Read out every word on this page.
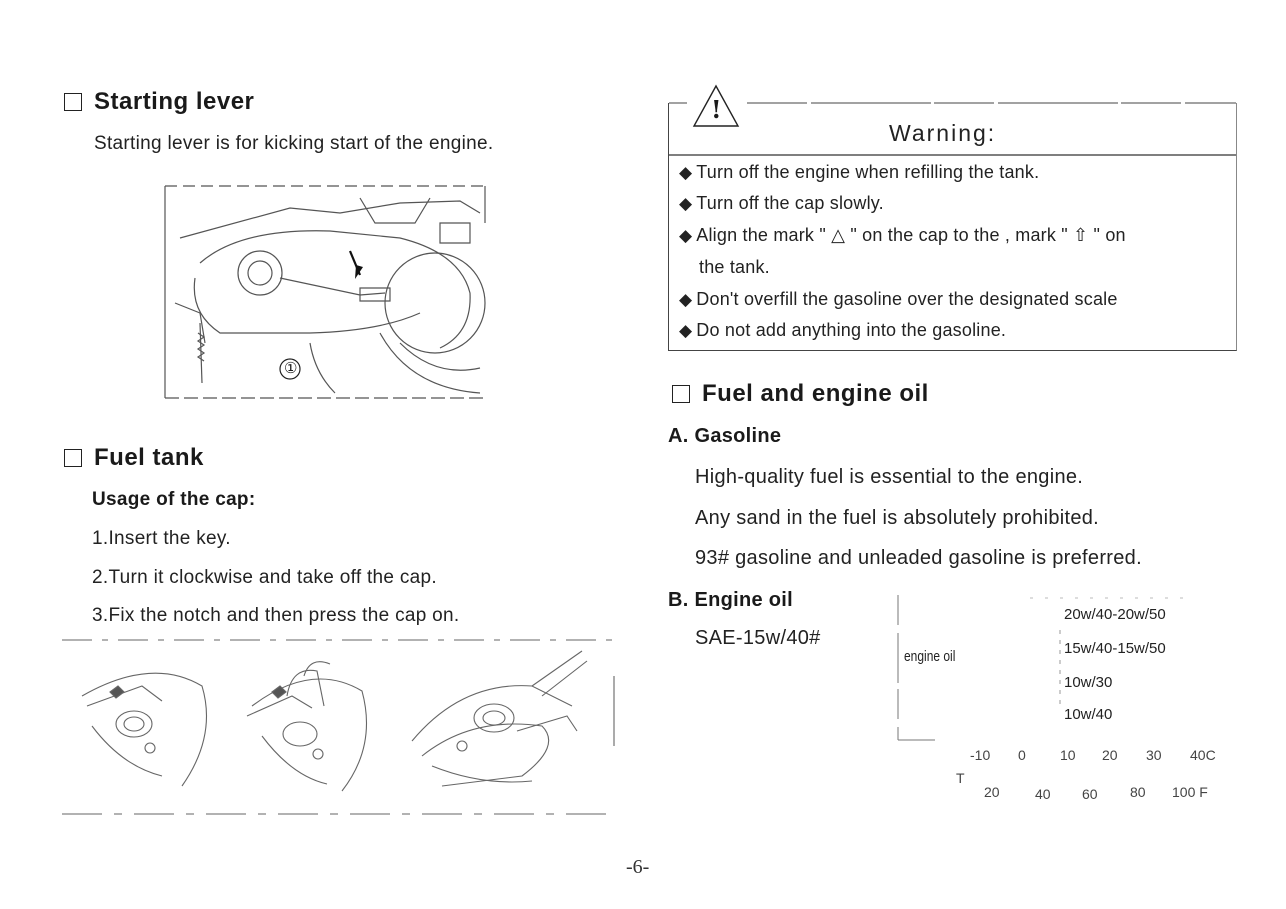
Starting lever
Starting lever is for kicking start of the engine.
①
Fuel tank
Usage of the cap:
1.Insert the key.
2.Turn it clockwise and take off the cap.
3.Fix the notch and then press the cap on.
!
Warning:
◆ Turn off the engine when refilling the tank.
◆ Turn off the cap slowly.
◆ Align the mark " △ " on the cap to the , mark " ⇧ " on
the tank.
◆ Don't overfill the gasoline over the designated scale
◆ Do not add anything into the gasoline.
Fuel and engine oil
A. Gasoline
High-quality fuel is essential to the engine.
Any sand in the fuel is absolutely prohibited.
93# gasoline and unleaded gasoline is preferred.
B. Engine oil
SAE-15w/40#
engine oil
20w/40-20w/50
15w/40-15w/50
10w/30
10w/40
-10 0 10 20 30 40C
T
20	40 60 80 100 F
-6-
